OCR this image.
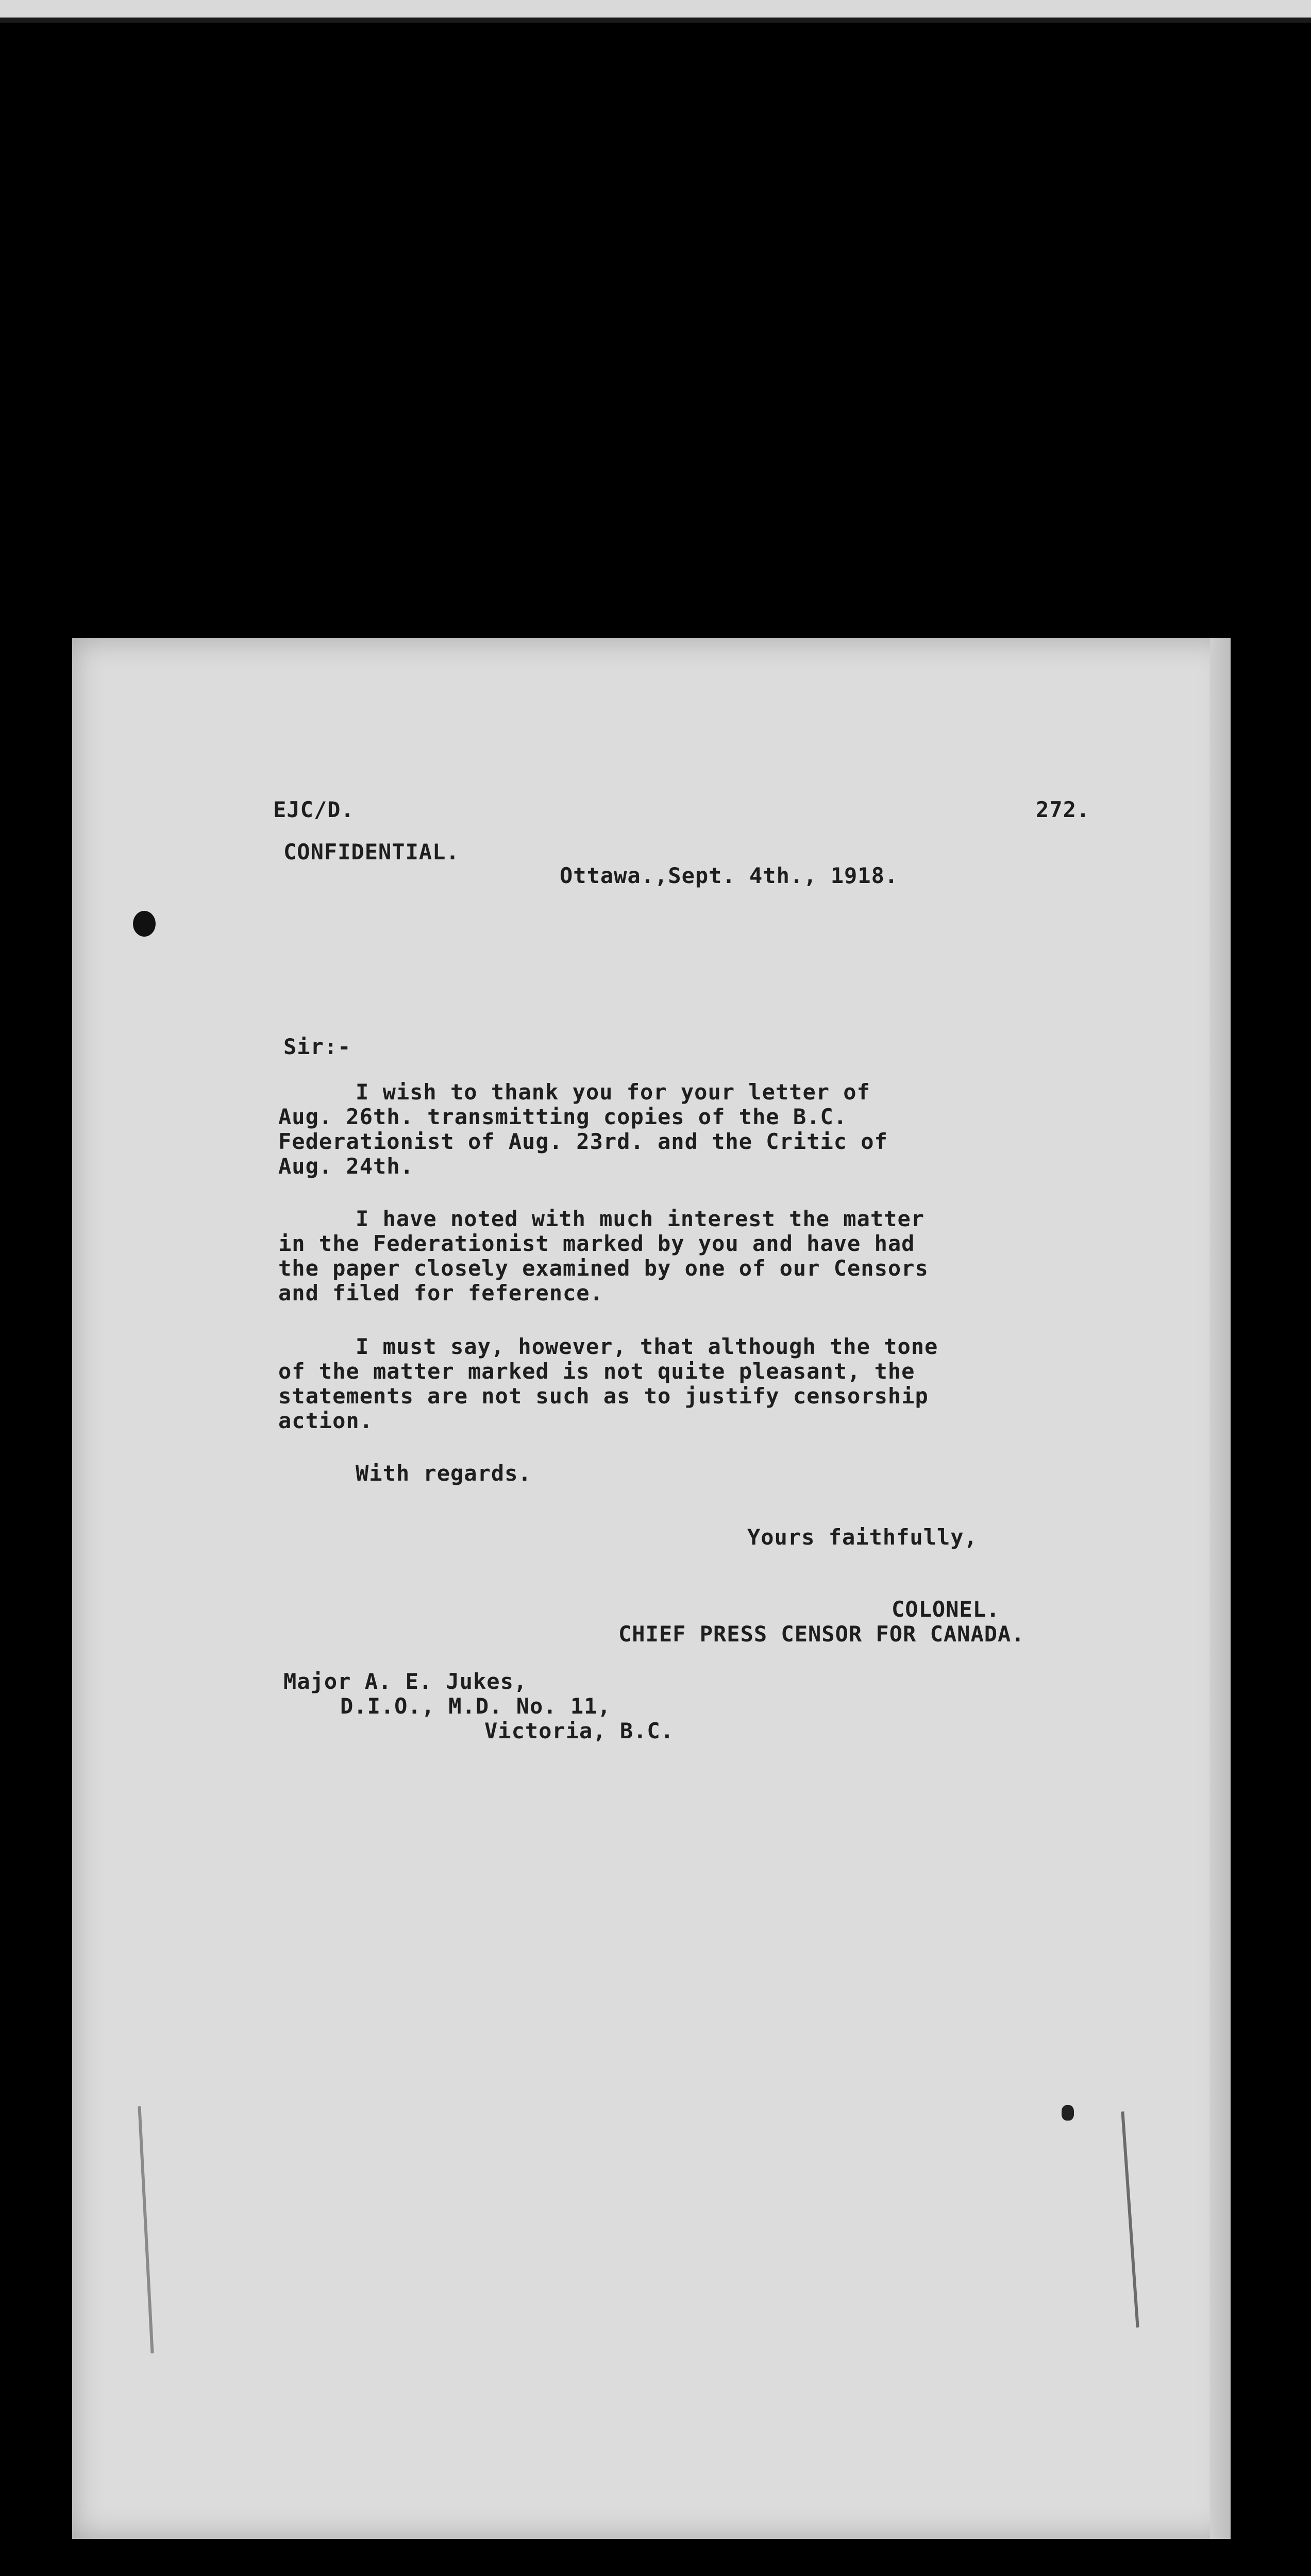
EJC/D.	272.
CONFIDENTIAL.
Ottawa.,Sept. 4th., 1918.
Sir:-
I wish to thank you for your letter of
Aug. 26th. transmitting copies of the B.C.
Federationist of Aug. 23rd. and the Critic of
Aug. 24th.
I have noted with much interest the matter
in the Federationist marked by you and have had
the paper closely examined by one of our Censors
and filed for feference.
I must say, however, that although the tone
of the matter marked is not quite pleasant, the
statements are not such as to justify censorship
action.
With regards.
Yours faithfully,
COLONEL.
CHIEF PRESS CENSOR FOR CANADA.
Major A. E. Jukes,
D.I.O., M.D. No. 11,
Victoria, B.C.
